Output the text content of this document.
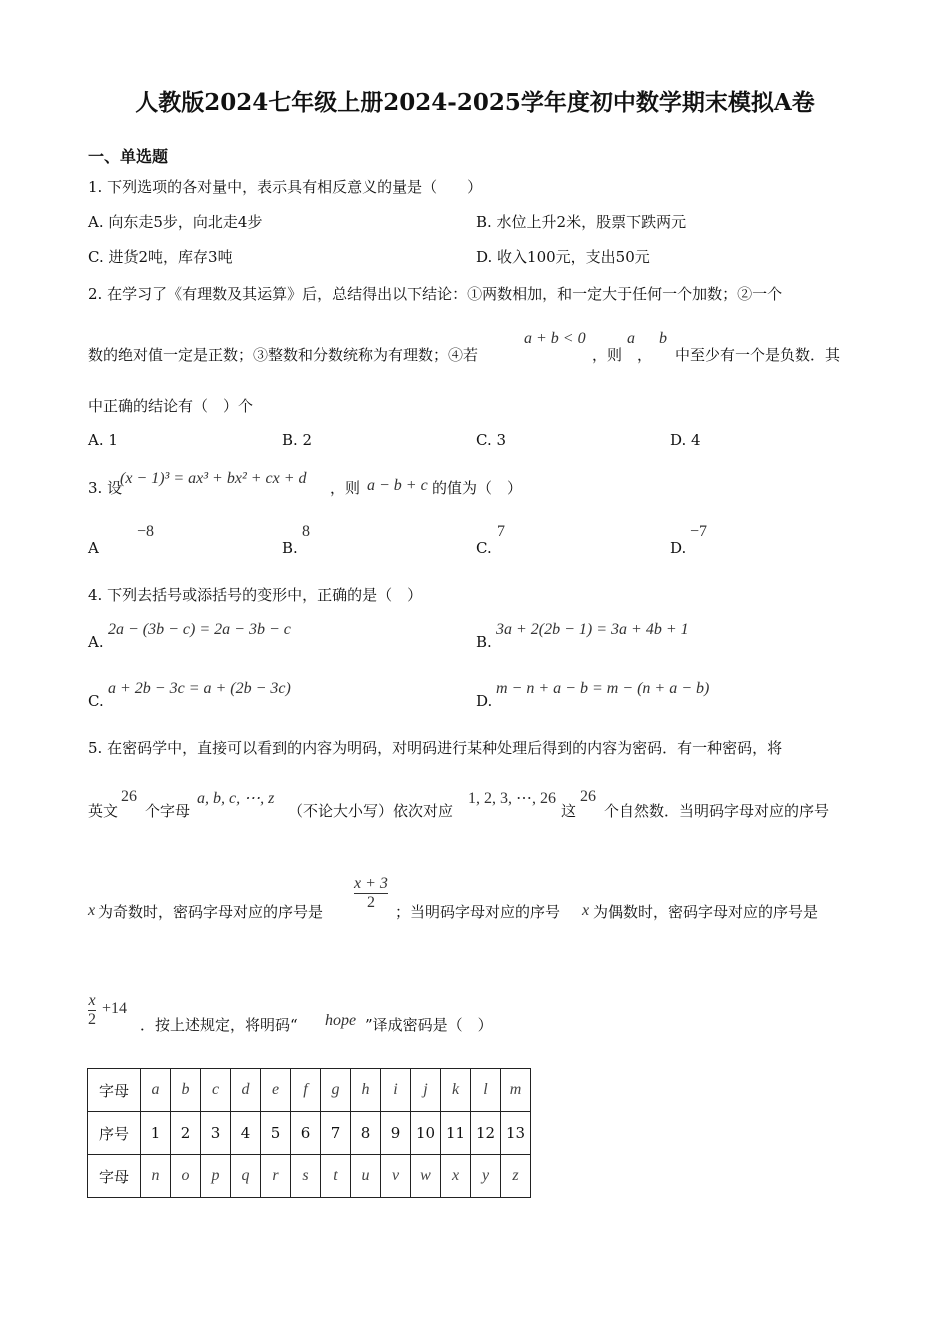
人教版2024七年级上册2024-2025学年度初中数学期末模拟A卷
一、单选题
1. 下列选项的各对量中，表示具有相反意义的量是（　　）
A. 向东走5步，向北走4步	B. 水位上升2米，股票下跌两元
C. 进货2吨，库存3吨	D. 收入100元，支出50元
2. 在学习了《有理数及其运算》后，总结得出以下结论：①两数相加，和一定大于任何一个加数；②一个
数的绝对值一定是正数；③整数和分数统称为有理数；④若
a + b < 0
，则
a
，
b
中至少有一个是负数．其
中正确的结论有（　）个
A. 1	B. 2	C. 3	D. 4
3. 设
(x − 1)³ = ax³ + bx² + cx + d
，则 a − b + c 的值为（　）
A
−8
B.
8
C.
7
D.
−7
4. 下列去括号或添括号的变形中，正确的是（　）
A.
2a − (3b − c) = 2a − 3b − c
B.
3a + 2(2b − 1) = 3a + 4b + 1
C.
a + 2b − 3c = a + (2b − 3c)
D.
m − n + a − b = m − (n + a − b)
5. 在密码学中，直接可以看到的内容为明码，对明码进行某种处理后得到的内容为密码．有一种密码，将
英文
26
个字母
a, b, c, ⋯, z
（不论大小写）依次对应
1, 2, 3, ⋯, 26
这
26
个自然数．当明码字母对应的序号
x 为奇数时，密码字母对应的序号是
x + 3
2
；当明码字母对应的序号 x 为偶数时，密码字母对应的序号是
x
2
+14
．按上述规定，将明码“ hope ”译成密码是（　）
字母	a	b	c	d	e	f	g	h	i	j	k	l	m
序号	1	2	3	4	5	6	7	8	9	10	11	12	13
字母	n	o	p	q	r	s	t	u	v	w	x	y	z
